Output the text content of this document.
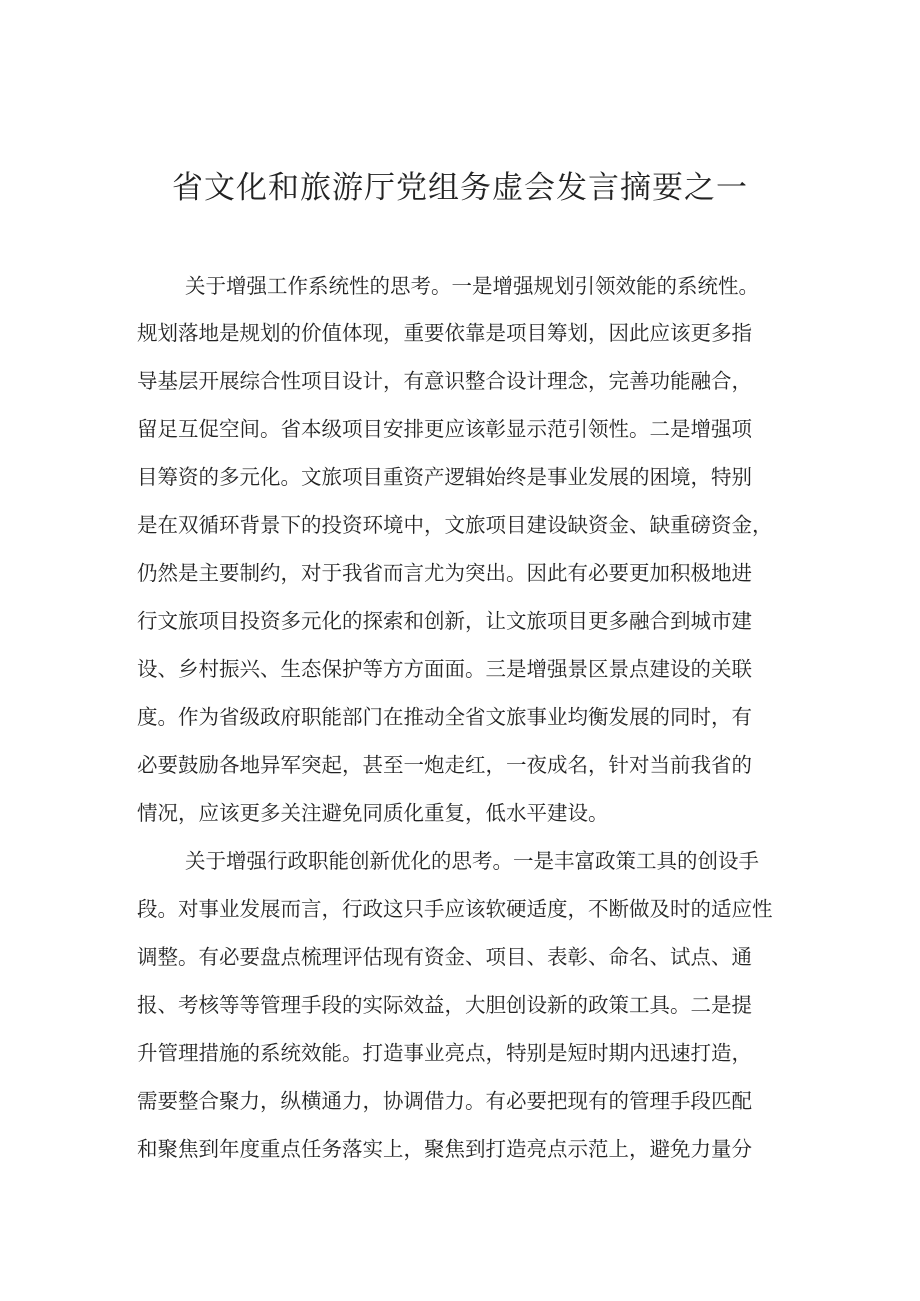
省文化和旅游厅党组务虚会发言摘要之一

关于增强工作系统性的思考。一是增强规划引领效能的系统性。

规划落地是规划的价值体现，重要依靠是项目筹划，因此应该更多指

导基层开展综合性项目设计，有意识整合设计理念，完善功能融合，

留足互促空间。省本级项目安排更应该彰显示范引领性。二是增强项

目筹资的多元化。文旅项目重资产逻辑始终是事业发展的困境，特别

是在双循环背景下的投资环境中，文旅项目建设缺资金、缺重磅资金，

仍然是主要制约，对于我省而言尤为突出。因此有必要更加积极地进

行文旅项目投资多元化的探索和创新，让文旅项目更多融合到城市建

设、乡村振兴、生态保护等方方面面。三是增强景区景点建设的关联

度。作为省级政府职能部门在推动全省文旅事业均衡发展的同时，有

必要鼓励各地异军突起，甚至一炮走红，一夜成名，针对当前我省的

情况，应该更多关注避免同质化重复，低水平建设。

关于增强行政职能创新优化的思考。一是丰富政策工具的创设手

段。对事业发展而言，行政这只手应该软硬适度，不断做及时的适应性

调整。有必要盘点梳理评估现有资金、项目、表彰、命名、试点、通

报、考核等等管理手段的实际效益，大胆创设新的政策工具。二是提

升管理措施的系统效能。打造事业亮点，特别是短时期内迅速打造，

需要整合聚力，纵横通力，协调借力。有必要把现有的管理手段匹配

和聚焦到年度重点任务落实上，聚焦到打造亮点示范上，避免力量分
